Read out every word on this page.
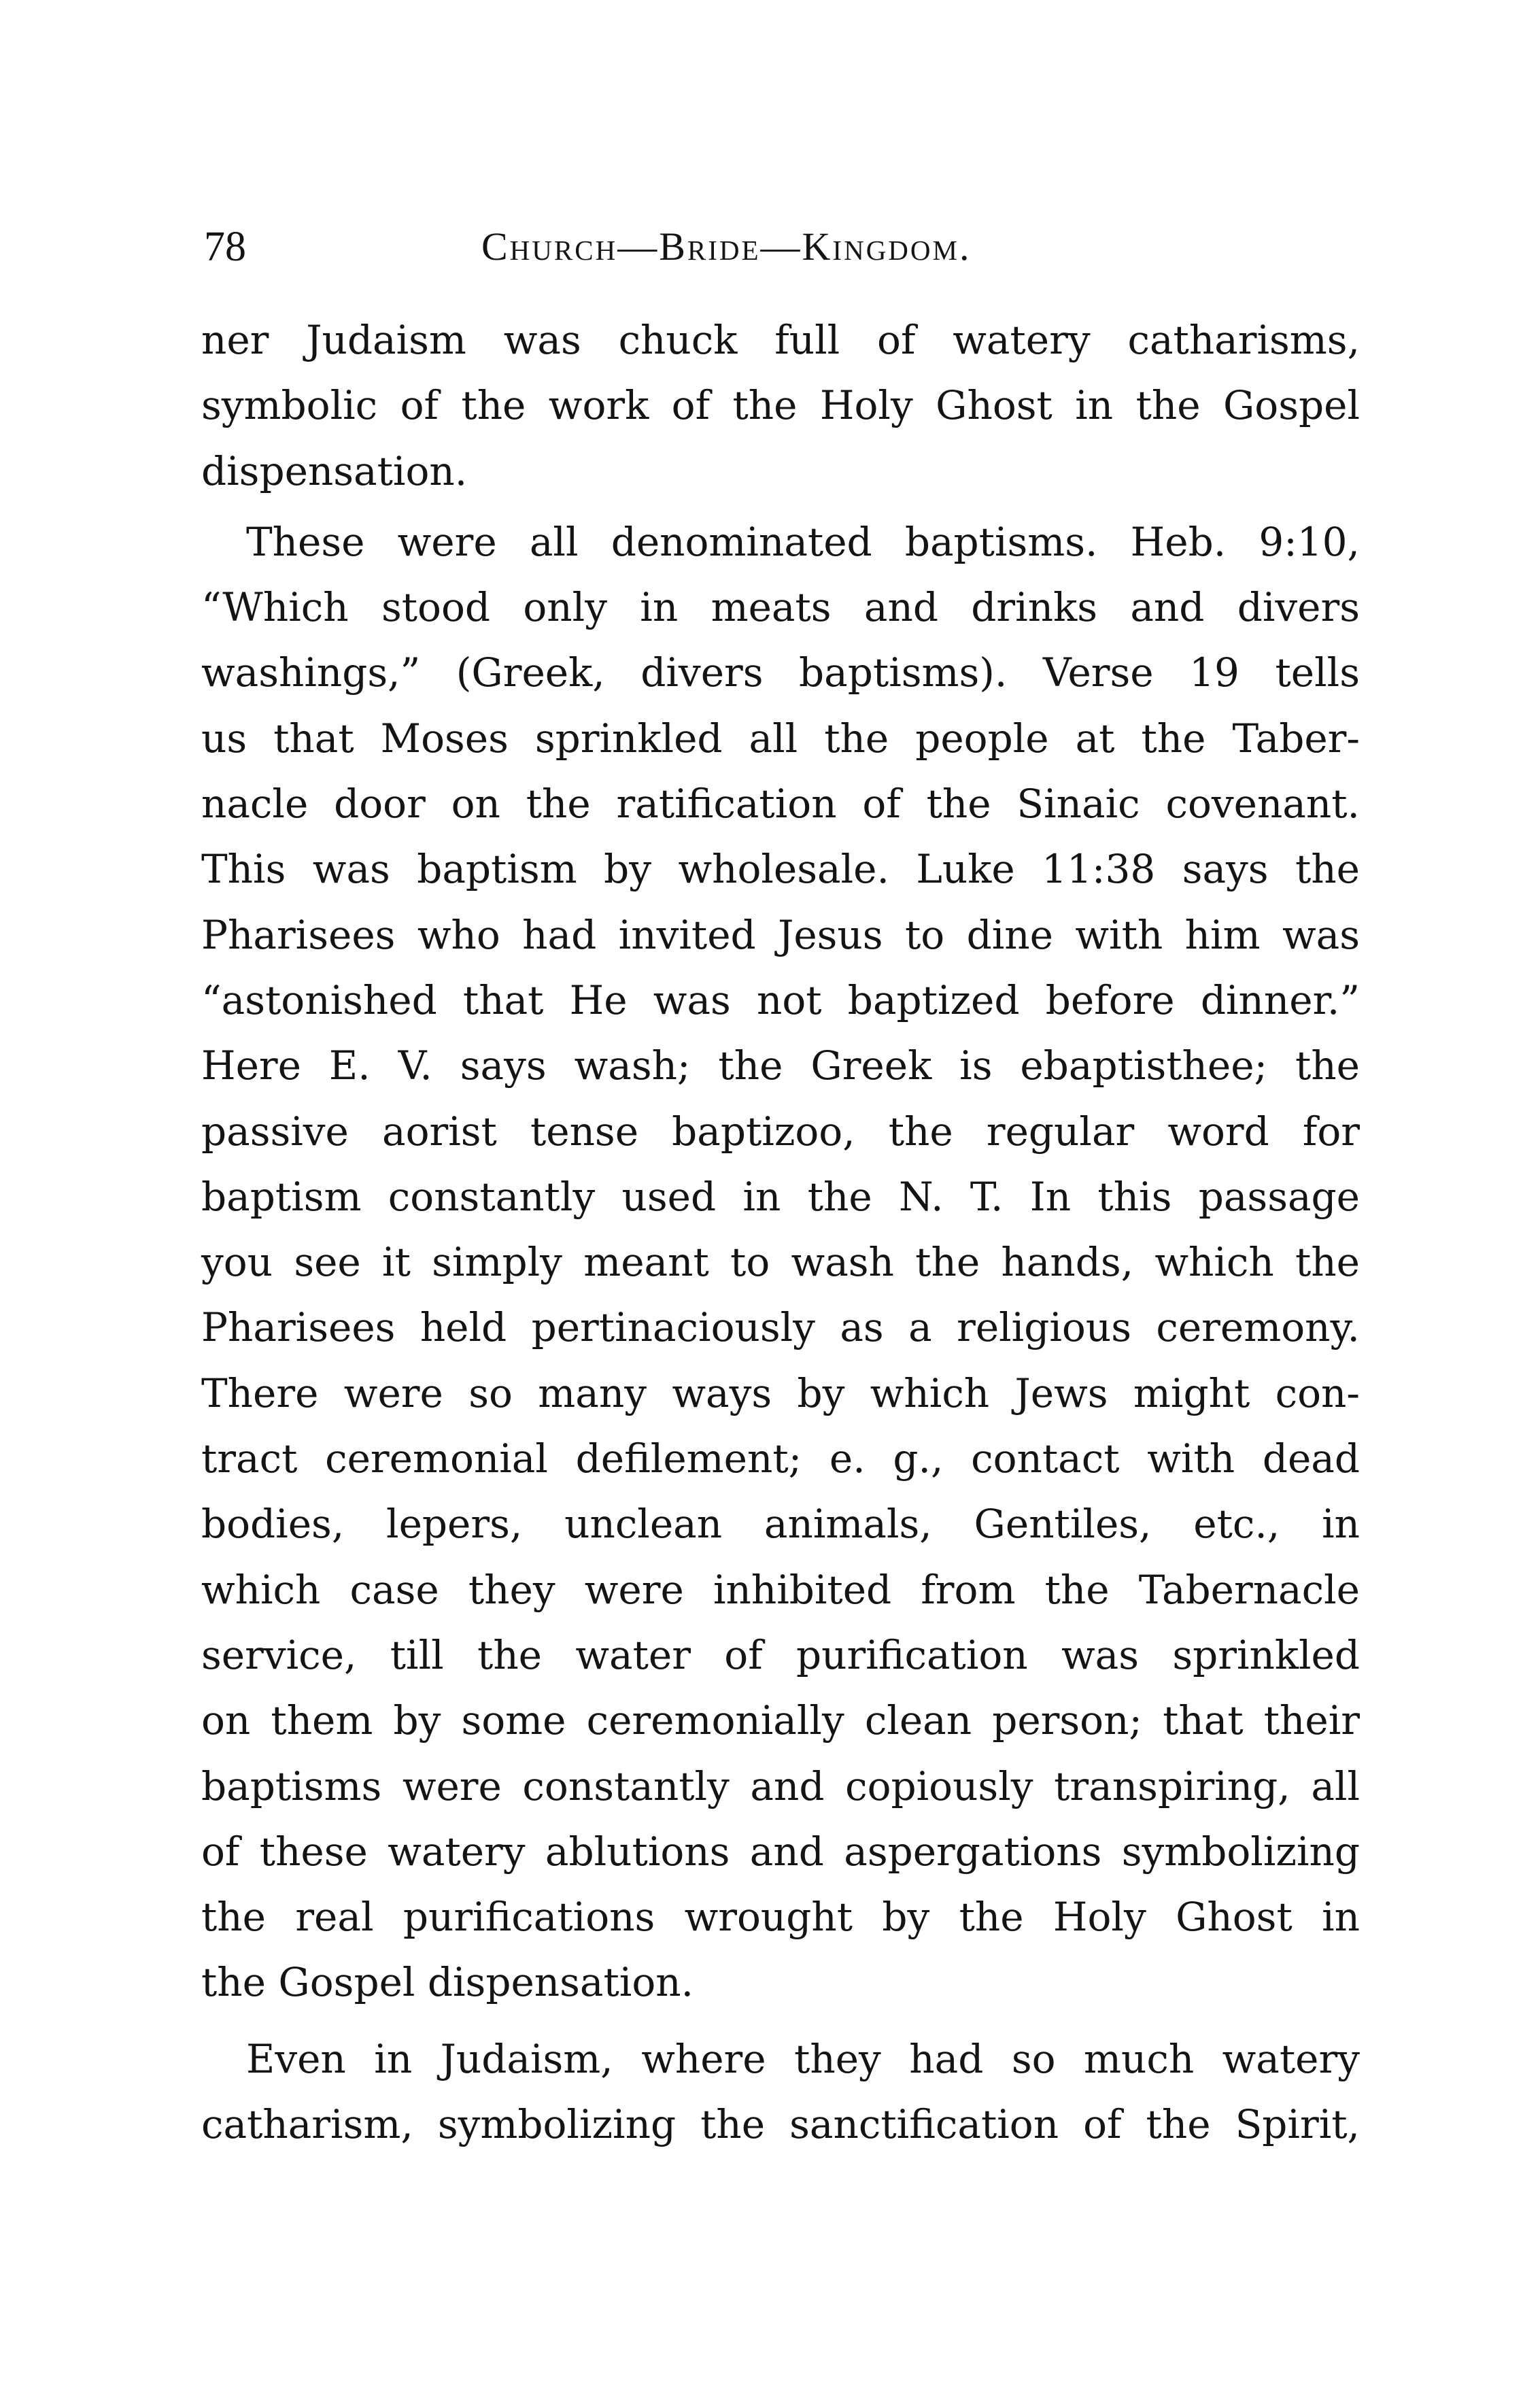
78	Church—Bride—Kingdom.
ner Judaism was chuck full of watery catharisms,
symbolic of the work of the Holy Ghost in the Gospel
dispensation.
These were all denominated baptisms. Heb. 9:10,
“Which stood only in meats and drinks and divers
washings,” (Greek, divers baptisms). Verse 19 tells
us that Moses sprinkled all the people at the Taber-
nacle door on the ratification of the Sinaic covenant.
This was baptism by wholesale. Luke 11:38 says the
Pharisees who had invited Jesus to dine with him was
“astonished that He was not baptized before dinner.”
Here E. V. says wash; the Greek is ebaptisthee; the
passive aorist tense baptizoo, the regular word for
baptism constantly used in the N. T. In this passage
you see it simply meant to wash the hands, which the
Pharisees held pertinaciously as a religious ceremony.
There were so many ways by which Jews might con-
tract ceremonial defilement; e. g., contact with dead
bodies, lepers, unclean animals, Gentiles, etc., in
which case they were inhibited from the Tabernacle
service, till the water of purification was sprinkled
on them by some ceremonially clean person; that their
baptisms were constantly and copiously transpiring, all
of these watery ablutions and aspergations symbolizing
the real purifications wrought by the Holy Ghost in
the Gospel dispensation.
Even in Judaism, where they had so much watery
catharism, symbolizing the sanctification of the Spirit,
